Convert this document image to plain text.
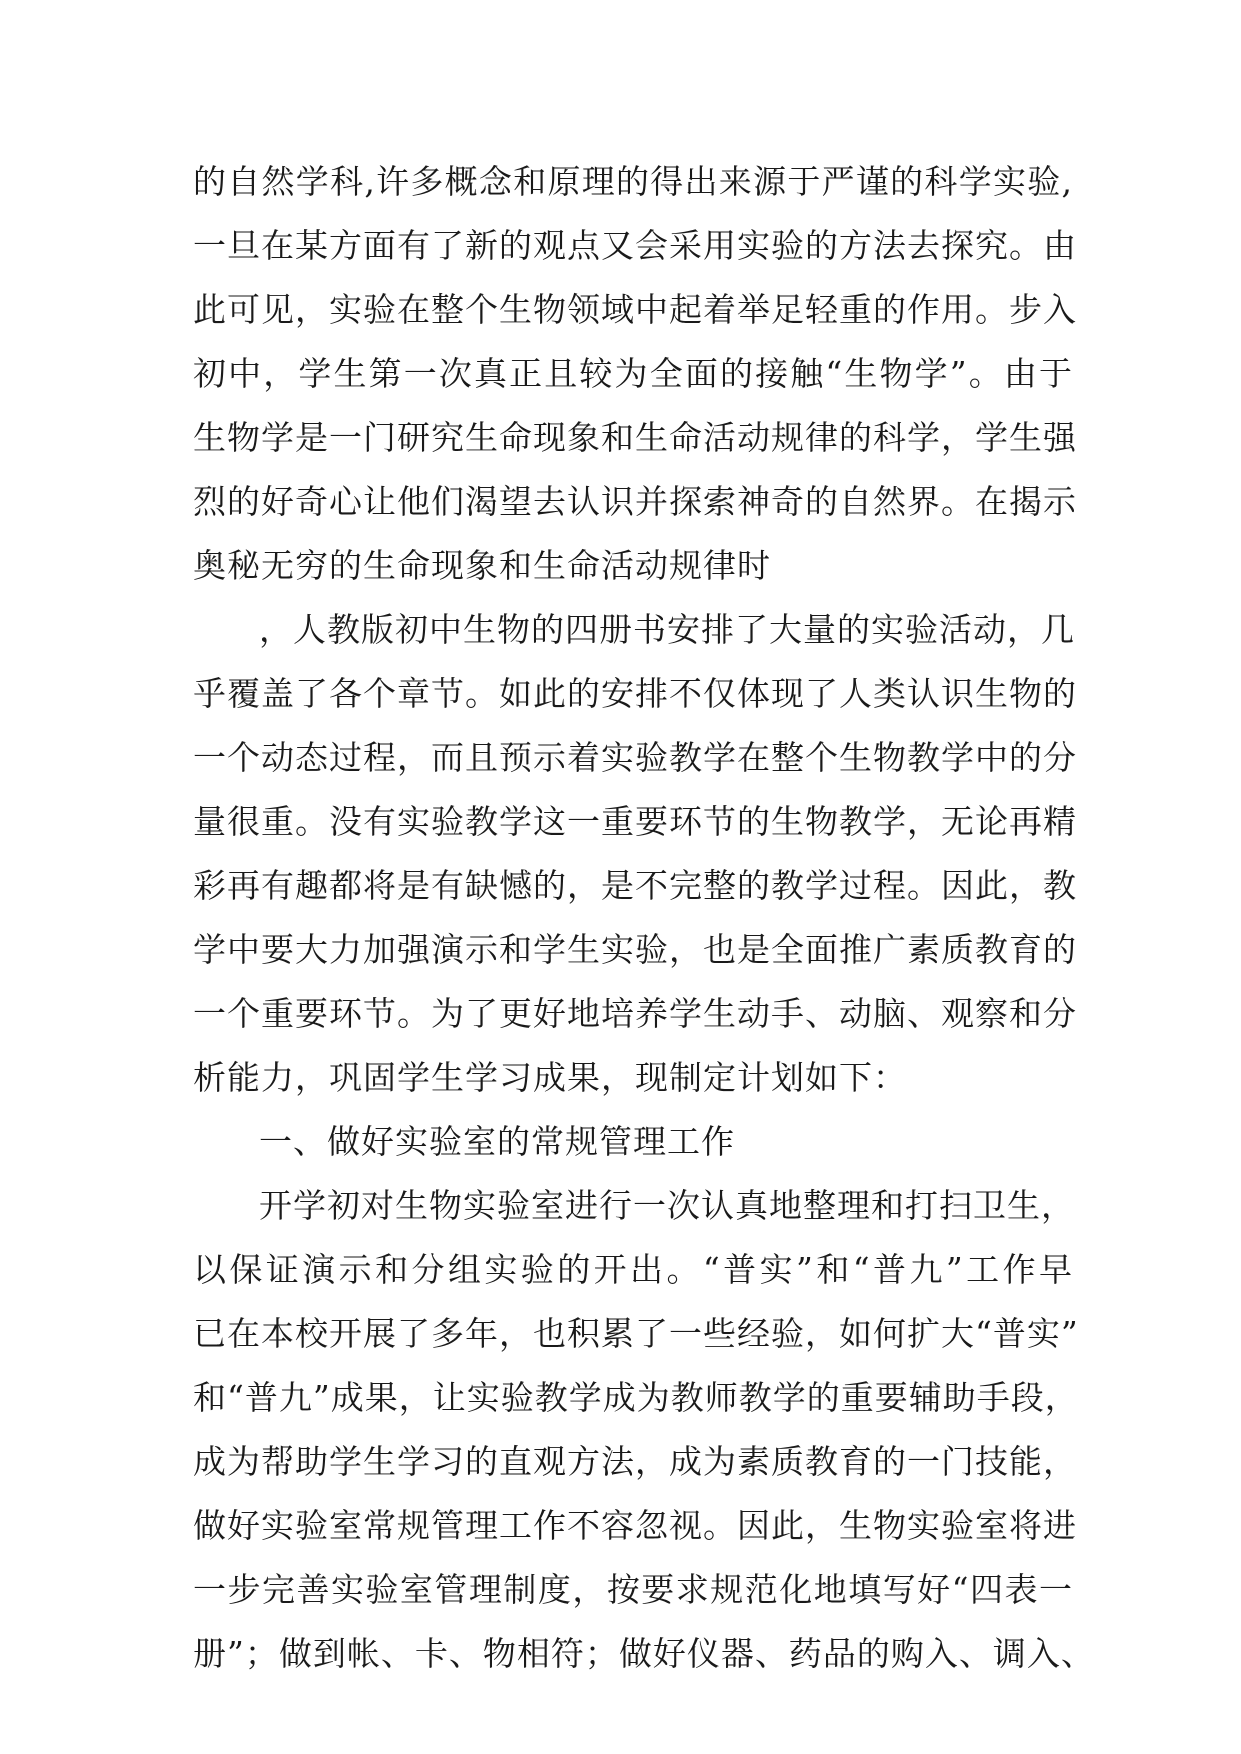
的自然学科,许多概念和原理的得出来源于严谨的科学实验,
一旦在某方面有了新的观点又会采用实验的方法去探究。由
此可见，实验在整个生物领域中起着举足轻重的作用。步入
初中，学生第一次真正且较为全面的接触“生物学”。由于
生物学是一门研究生命现象和生命活动规律的科学，学生强
烈的好奇心让他们渴望去认识并探索神奇的自然界。在揭示
奥秘无穷的生命现象和生命活动规律时
，人教版初中生物的四册书安排了大量的实验活动，几
乎覆盖了各个章节。如此的安排不仅体现了人类认识生物的
一个动态过程，而且预示着实验教学在整个生物教学中的分
量很重。没有实验教学这一重要环节的生物教学，无论再精
彩再有趣都将是有缺憾的，是不完整的教学过程。因此，教
学中要大力加强演示和学生实验，也是全面推广素质教育的
一个重要环节。为了更好地培养学生动手、动脑、观察和分
析能力，巩固学生学习成果，现制定计划如下：
一、做好实验室的常规管理工作
开学初对生物实验室进行一次认真地整理和打扫卫生，
以保证演示和分组实验的开出。“普实”和“普九”工作早
已在本校开展了多年，也积累了一些经验，如何扩大“普实”
和“普九”成果，让实验教学成为教师教学的重要辅助手段，
成为帮助学生学习的直观方法，成为素质教育的一门技能，
做好实验室常规管理工作不容忽视。因此，生物实验室将进
一步完善实验室管理制度，按要求规范化地填写好“四表一
册”；做到帐、卡、物相符；做好仪器、药品的购入、调入、
